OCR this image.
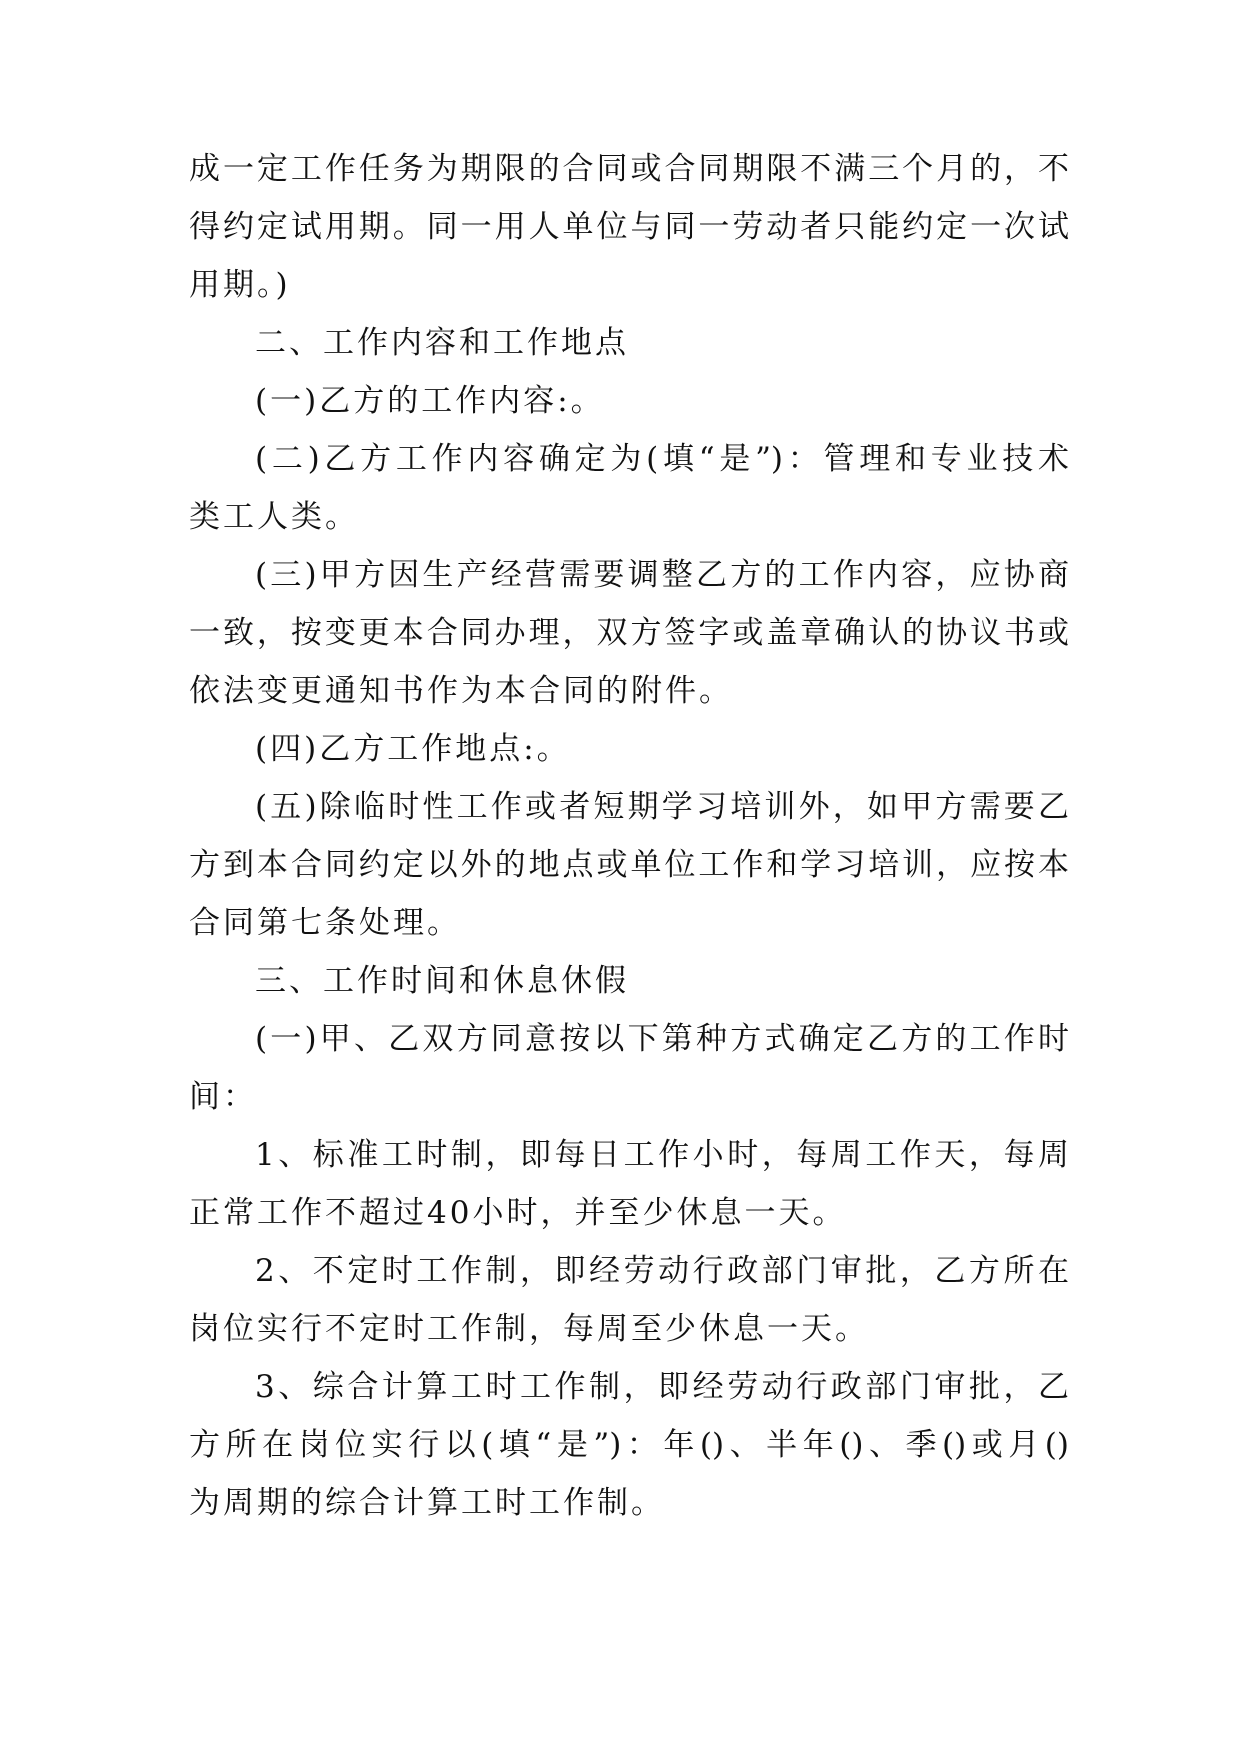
成一定工作任务为期限的合同或合同期限不满三个月的，不
得约定试用期。同一用人单位与同一劳动者只能约定一次试
用期。)
二、工作内容和工作地点
(一)乙方的工作内容:。
(二)乙方工作内容确定为(填“是”)：管理和专业技术
类工人类。
(三)甲方因生产经营需要调整乙方的工作内容，应协商
一致，按变更本合同办理，双方签字或盖章确认的协议书或
依法变更通知书作为本合同的附件。
(四)乙方工作地点:。
(五)除临时性工作或者短期学习培训外，如甲方需要乙
方到本合同约定以外的地点或单位工作和学习培训，应按本
合同第七条处理。
三、工作时间和休息休假
(一)甲、乙双方同意按以下第种方式确定乙方的工作时
间：
1、标准工时制，即每日工作小时，每周工作天，每周
正常工作不超过40小时，并至少休息一天。
2、不定时工作制，即经劳动行政部门审批，乙方所在
岗位实行不定时工作制，每周至少休息一天。
3、综合计算工时工作制，即经劳动行政部门审批，乙
方所在岗位实行以(填“是”)：年()、半年()、季()或月()
为周期的综合计算工时工作制。
